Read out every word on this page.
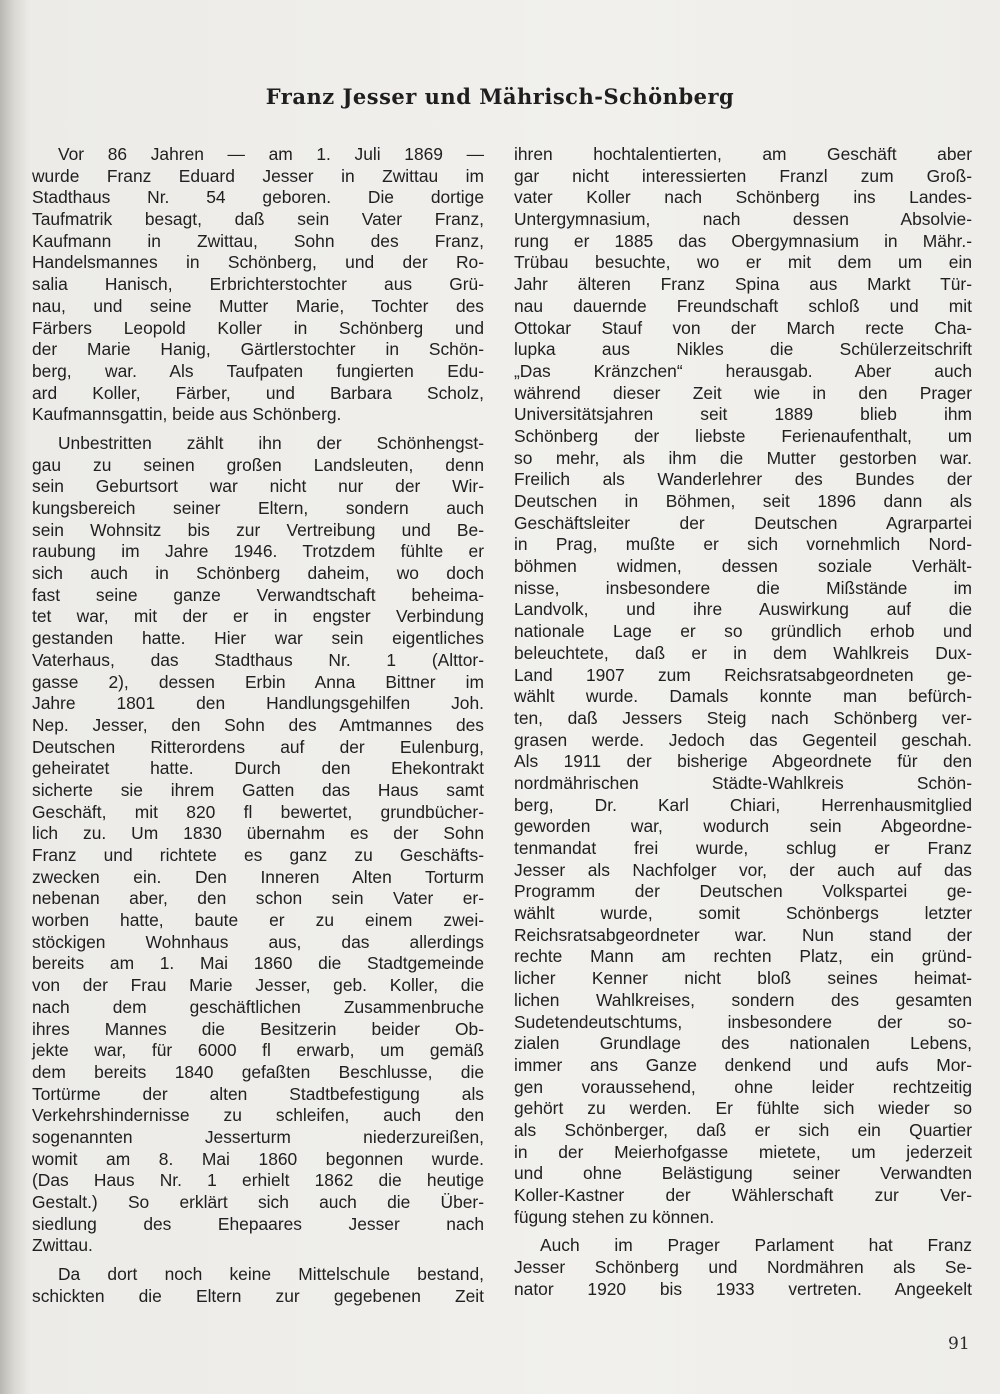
Franz Jesser und Mährisch-Schönberg
Vor 86 Jahren — am 1. Juli 1869 —
wurde Franz Eduard Jesser in Zwittau im
Stadthaus Nr. 54 geboren. Die dortige
Taufmatrik besagt, daß sein Vater Franz,
Kaufmann in Zwittau, Sohn des Franz,
Handelsmannes in Schönberg, und der Ro-
salia Hanisch, Erbrichterstochter aus Grü-
nau, und seine Mutter Marie, Tochter des
Färbers Leopold Koller in Schönberg und
der Marie Hanig, Gärtlerstochter in Schön-
berg, war. Als Taufpaten fungierten Edu-
ard Koller, Färber, und Barbara Scholz,
Kaufmannsgattin, beide aus Schönberg.
Unbestritten zählt ihn der Schönhengst-
gau zu seinen großen Landsleuten, denn
sein Geburtsort war nicht nur der Wir-
kungsbereich seiner Eltern, sondern auch
sein Wohnsitz bis zur Vertreibung und Be-
raubung im Jahre 1946. Trotzdem fühlte er
sich auch in Schönberg daheim, wo doch
fast seine ganze Verwandtschaft beheima-
tet war, mit der er in engster Verbindung
gestanden hatte. Hier war sein eigentliches
Vaterhaus, das Stadthaus Nr. 1 (Alttor-
gasse 2), dessen Erbin Anna Bittner im
Jahre 1801 den Handlungsgehilfen Joh.
Nep. Jesser, den Sohn des Amtmannes des
Deutschen Ritterordens auf der Eulenburg,
geheiratet hatte. Durch den Ehekontrakt
sicherte sie ihrem Gatten das Haus samt
Geschäft, mit 820 fl bewertet, grundbücher-
lich zu. Um 1830 übernahm es der Sohn
Franz und richtete es ganz zu Geschäfts-
zwecken ein. Den Inneren Alten Torturm
nebenan aber, den schon sein Vater er-
worben hatte, baute er zu einem zwei-
stöckigen Wohnhaus aus, das allerdings
bereits am 1. Mai 1860 die Stadtgemeinde
von der Frau Marie Jesser, geb. Koller, die
nach dem geschäftlichen Zusammenbruche
ihres Mannes die Besitzerin beider Ob-
jekte war, für 6000 fl erwarb, um gemäß
dem bereits 1840 gefaßten Beschlusse, die
Tortürme der alten Stadtbefestigung als
Verkehrshindernisse zu schleifen, auch den
sogenannten Jesserturm niederzureißen,
womit am 8. Mai 1860 begonnen wurde.
(Das Haus Nr. 1 erhielt 1862 die heutige
Gestalt.) So erklärt sich auch die Über-
siedlung des Ehepaares Jesser nach
Zwittau.
Da dort noch keine Mittelschule bestand,
schickten die Eltern zur gegebenen Zeit
ihren hochtalentierten, am Geschäft aber
gar nicht interessierten Franzl zum Groß-
vater Koller nach Schönberg ins Landes-
Untergymnasium, nach dessen Absolvie-
rung er 1885 das Obergymnasium in Mähr.-
Trübau besuchte, wo er mit dem um ein
Jahr älteren Franz Spina aus Markt Tür-
nau dauernde Freundschaft schloß und mit
Ottokar Stauf von der March recte Cha-
lupka aus Nikles die Schülerzeitschrift
„Das Kränzchen“ herausgab. Aber auch
während dieser Zeit wie in den Prager
Universitätsjahren seit 1889 blieb ihm
Schönberg der liebste Ferienaufenthalt, um
so mehr, als ihm die Mutter gestorben war.
Freilich als Wanderlehrer des Bundes der
Deutschen in Böhmen, seit 1896 dann als
Geschäftsleiter der Deutschen Agrarpartei
in Prag, mußte er sich vornehmlich Nord-
böhmen widmen, dessen soziale Verhält-
nisse, insbesondere die Mißstände im
Landvolk, und ihre Auswirkung auf die
nationale Lage er so gründlich erhob und
beleuchtete, daß er in dem Wahlkreis Dux-
Land 1907 zum Reichsratsabgeordneten ge-
wählt wurde. Damals konnte man befürch-
ten, daß Jessers Steig nach Schönberg ver-
grasen werde. Jedoch das Gegenteil geschah.
Als 1911 der bisherige Abgeordnete für den
nordmährischen Städte-Wahlkreis Schön-
berg, Dr. Karl Chiari, Herrenhausmitglied
geworden war, wodurch sein Abgeordne-
tenmandat frei wurde, schlug er Franz
Jesser als Nachfolger vor, der auch auf das
Programm der Deutschen Volkspartei ge-
wählt wurde, somit Schönbergs letzter
Reichsratsabgeordneter war. Nun stand der
rechte Mann am rechten Platz, ein gründ-
licher Kenner nicht bloß seines heimat-
lichen Wahlkreises, sondern des gesamten
Sudetendeutschtums, insbesondere der so-
zialen Grundlage des nationalen Lebens,
immer ans Ganze denkend und aufs Mor-
gen voraussehend, ohne leider rechtzeitig
gehört zu werden. Er fühlte sich wieder so
als Schönberger, daß er sich ein Quartier
in der Meierhofgasse mietete, um jederzeit
und ohne Belästigung seiner Verwandten
Koller-Kastner der Wählerschaft zur Ver-
fügung stehen zu können.
Auch im Prager Parlament hat Franz
Jesser Schönberg und Nordmähren als Se-
nator 1920 bis 1933 vertreten. Angeekelt
91
